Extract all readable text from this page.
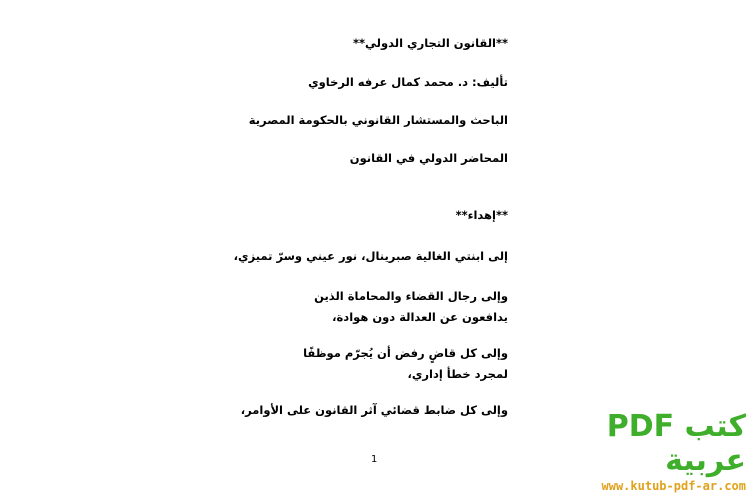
**القانون التجاري الدولي**
تأليف: د. محمد كمال عرفه الرخاوي
الباحث والمستشار القانوني بالحكومة المصرية
المحاضر الدولي في القانون
**إهداء**
إلى ابنتي الغالية صبرينال، نور عيني وسرّ تميزي،
وإلى رجال القضاء والمحاماة الذين يدافعون عن العدالة دون هوادة،
وإلى كل قاضٍ رفض أن يُجرّم موظفًا لمجرد خطأ إداري،
وإلى كل ضابط قضائي آثر القانون على الأوامر،
1
كتب PDF عربية
www.kutub-pdf-ar.com
